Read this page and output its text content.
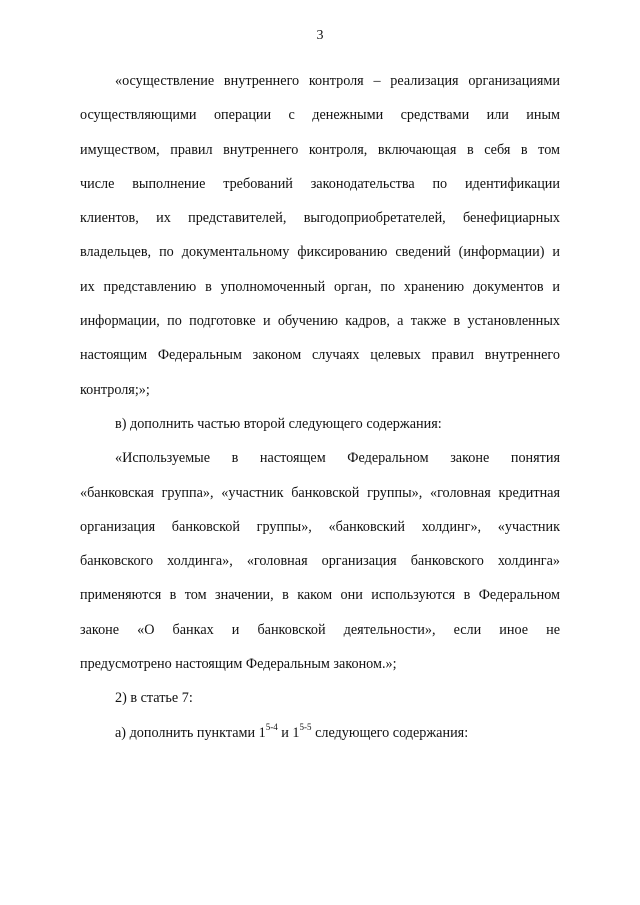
3
«осуществление внутреннего контроля – реализация организациями
осуществляющими операции с денежными средствами или иным
имуществом, правил внутреннего контроля, включающая в себя в том
числе выполнение требований законодательства по идентификации
клиентов, их представителей, выгодоприобретателей, бенефициарных
владельцев, по документальному фиксированию сведений (информации) и
их представлению в уполномоченный орган, по хранению документов и
информации, по подготовке и обучению кадров, а также в установленных
настоящим Федеральным законом случаях целевых правил внутреннего
контроля;»;
в) дополнить частью второй следующего содержания:
«Используемые в настоящем Федеральном законе понятия
«банковская группа», «участник банковской группы», «головная кредитная
организация банковской группы», «банковский холдинг», «участник
банковского холдинга», «головная организация банковского холдинга»
применяются в том значении, в каком они используются в Федеральном
законе «О банках и банковской деятельности», если иное не
предусмотрено настоящим Федеральным законом.»;
2) в статье 7:
а) дополнить пунктами 1$^{5-4}$ и 1$^{5-5}$ следующего содержания:
